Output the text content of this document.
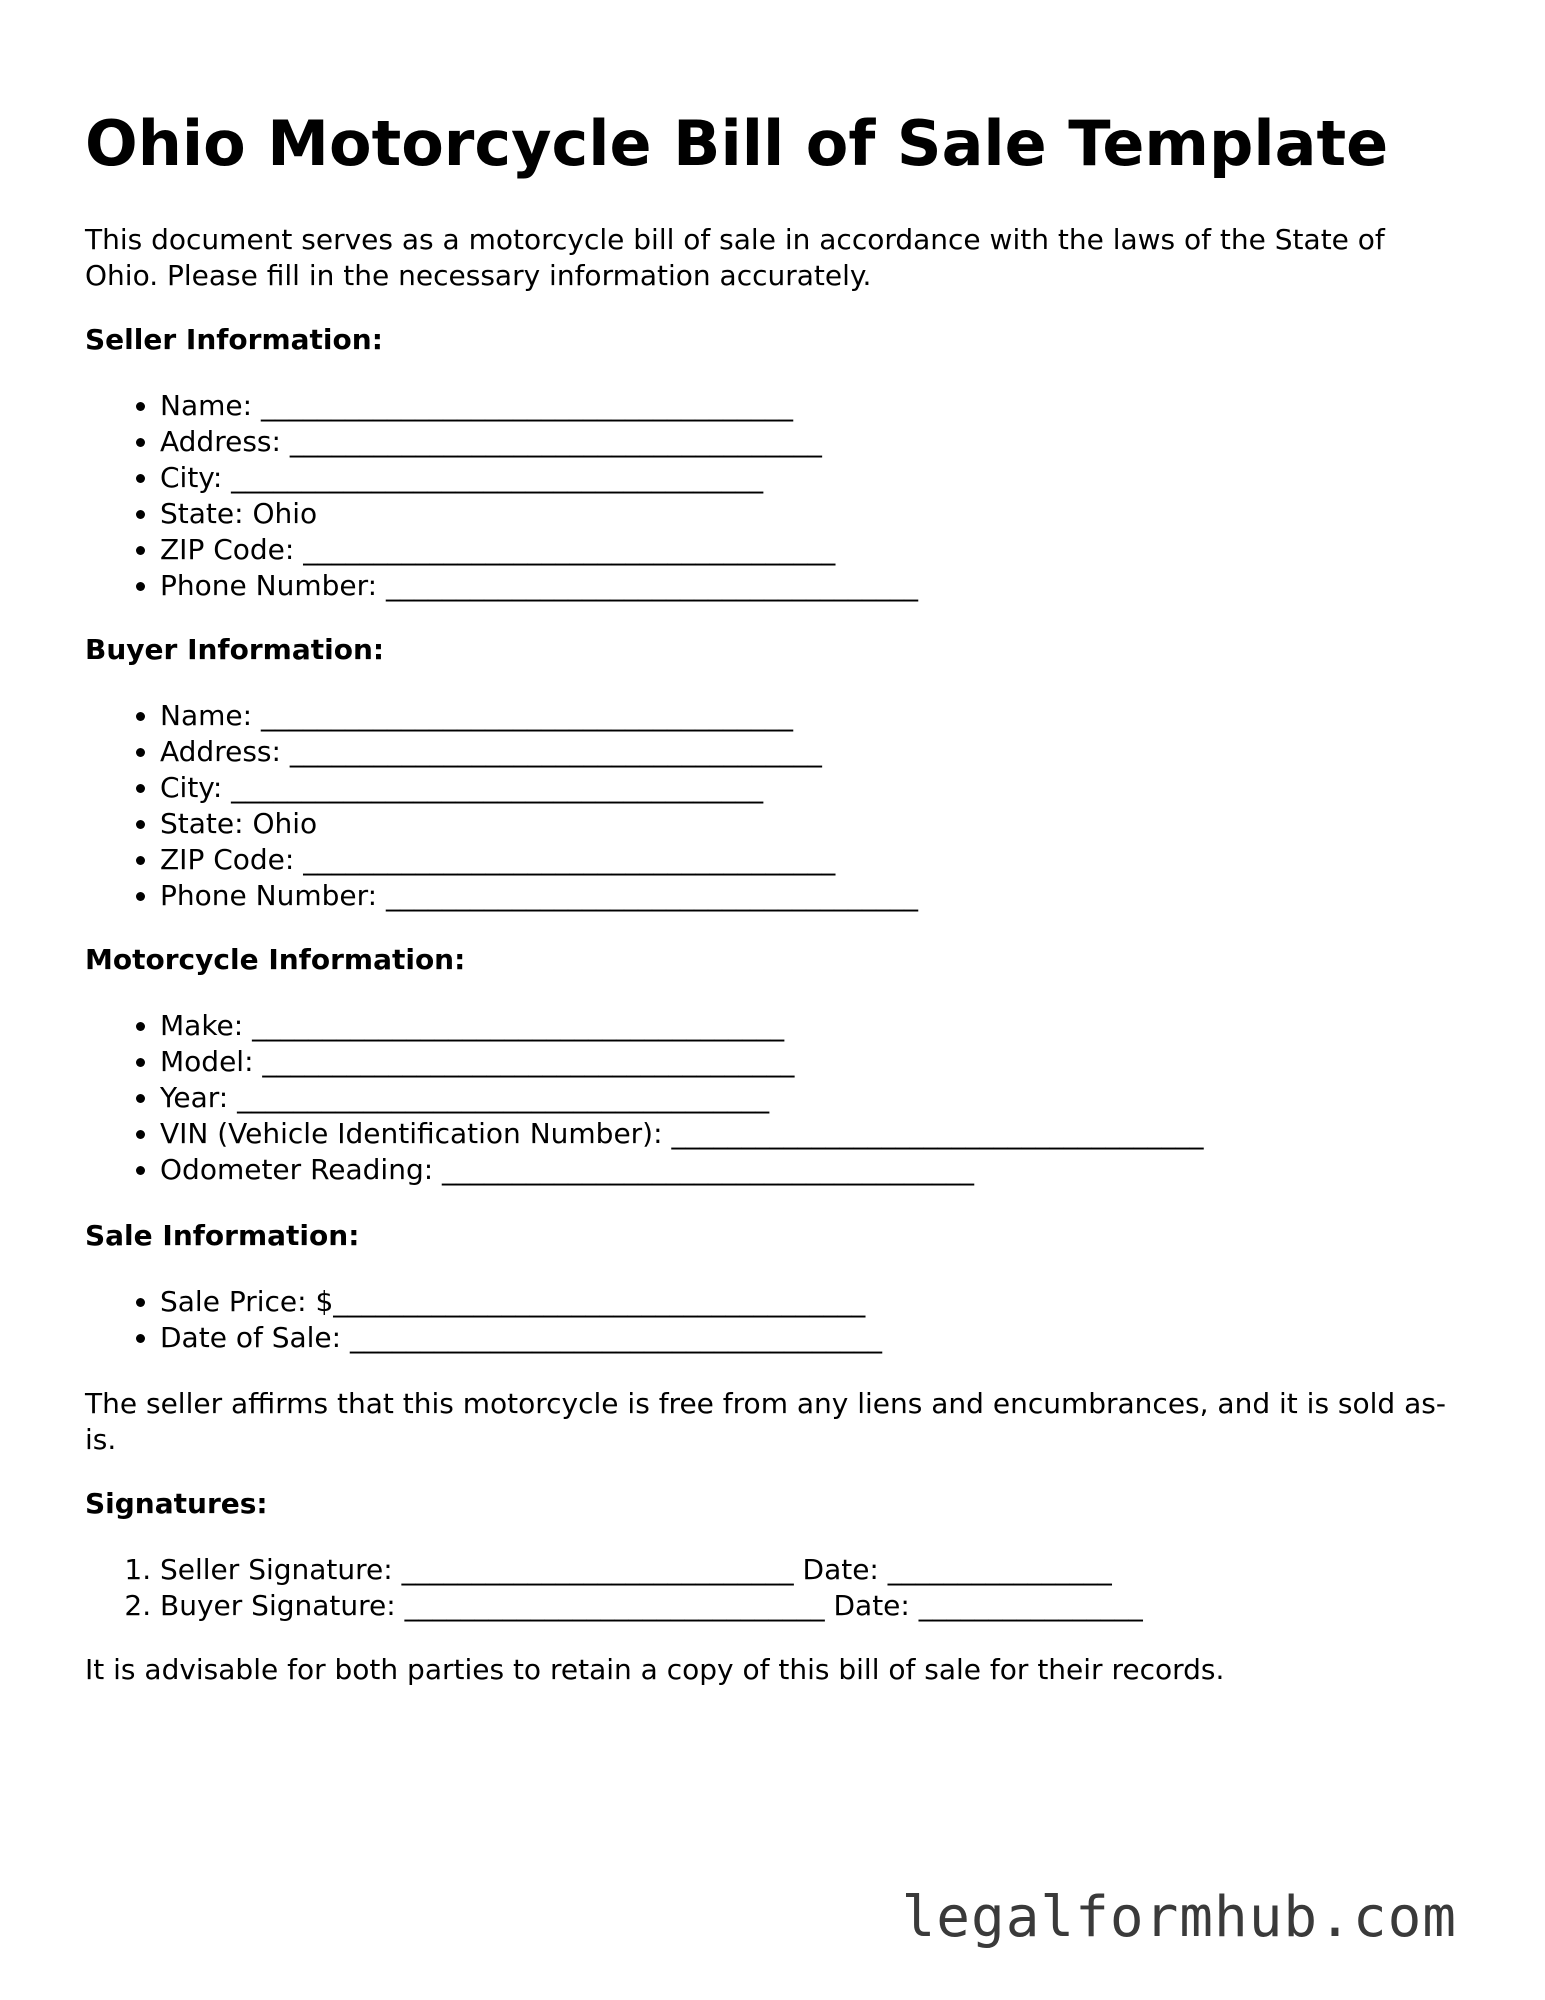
Ohio Motorcycle Bill of Sale Template

This document serves as a motorcycle bill of sale in accordance with the laws of the State of Ohio. Please fill in the necessary information accurately.

Seller Information:

• Name: ______________________________________
• Address: ______________________________________
• City: ______________________________________
• State: Ohio
• ZIP Code: ______________________________________
• Phone Number: ______________________________________

Buyer Information:

• Name: ______________________________________
• Address: ______________________________________
• City: ______________________________________
• State: Ohio
• ZIP Code: ______________________________________
• Phone Number: ______________________________________

Motorcycle Information:

• Make: ______________________________________
• Model: ______________________________________
• Year: ______________________________________
• VIN (Vehicle Identification Number): ______________________________________
• Odometer Reading: ______________________________________

Sale Information:

• Sale Price: $______________________________________
• Date of Sale: ______________________________________

The seller affirms that this motorcycle is free from any liens and encumbrances, and it is sold as-is.

Signatures:

1. Seller Signature: ____________________________ Date: ________________
2. Buyer Signature: ______________________________ Date: ________________

It is advisable for both parties to retain a copy of this bill of sale for their records.

legalformhub.com
